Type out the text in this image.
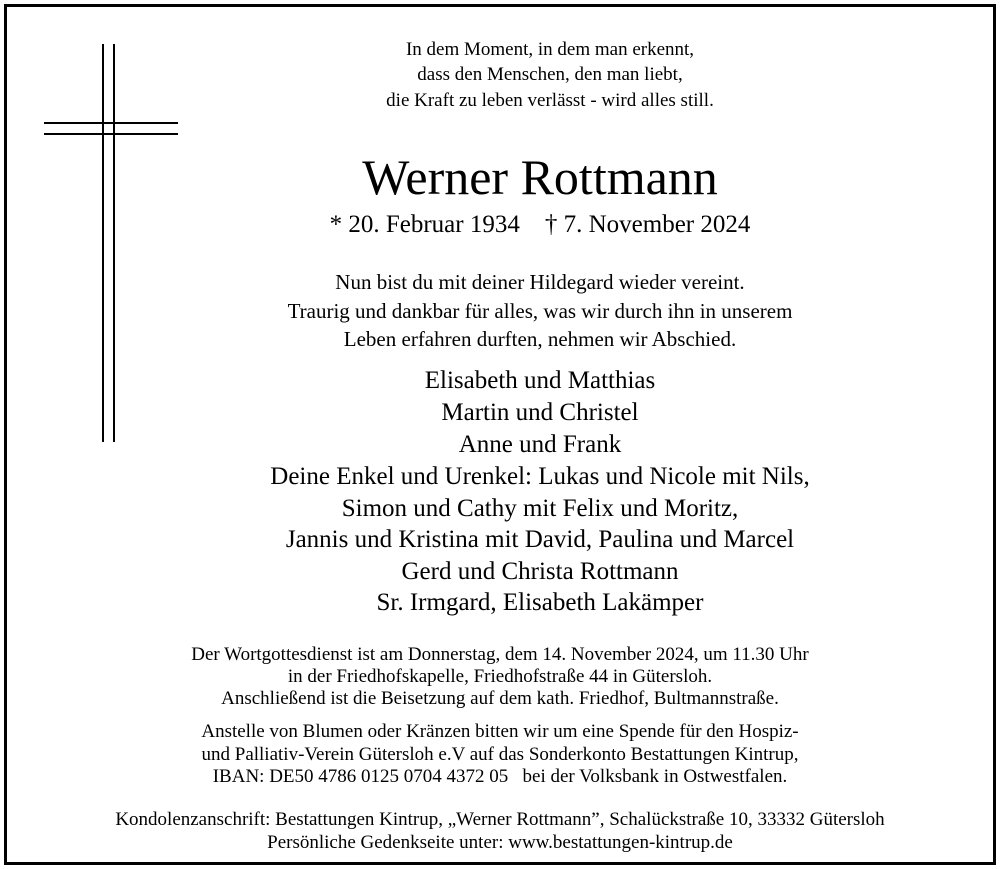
In dem Moment, in dem man erkennt,
dass den Menschen, den man liebt,
die Kraft zu leben verlässt - wird alles still.
Werner Rottmann
* 20. Februar 1934    † 7. November 2024
Nun bist du mit deiner Hildegard wieder vereint.
Traurig und dankbar für alles, was wir durch ihn in unserem
Leben erfahren durften, nehmen wir Abschied.
Elisabeth und Matthias
Martin und Christel
Anne und Frank
Deine Enkel und Urenkel: Lukas und Nicole mit Nils,
Simon und Cathy mit Felix und Moritz,
Jannis und Kristina mit David, Paulina und Marcel
Gerd und Christa Rottmann
Sr. Irmgard, Elisabeth Lakämper
Der Wortgottesdienst ist am Donnerstag, dem 14. November 2024, um 11.30 Uhr
in der Friedhofskapelle, Friedhofstraße 44 in Gütersloh.
Anschließend ist die Beisetzung auf dem kath. Friedhof, Bultmannstraße.
Anstelle von Blumen oder Kränzen bitten wir um eine Spende für den Hospiz-
und Palliativ-Verein Gütersloh e.V auf das Sonderkonto Bestattungen Kintrup,
IBAN: DE50 4786 0125 0704 4372 05   bei der Volksbank in Ostwestfalen.
Kondolenzanschrift: Bestattungen Kintrup, „Werner Rottmann”, Schalückstraße 10, 33332 Gütersloh
Persönliche Gedenkseite unter: www.bestattungen-kintrup.de
